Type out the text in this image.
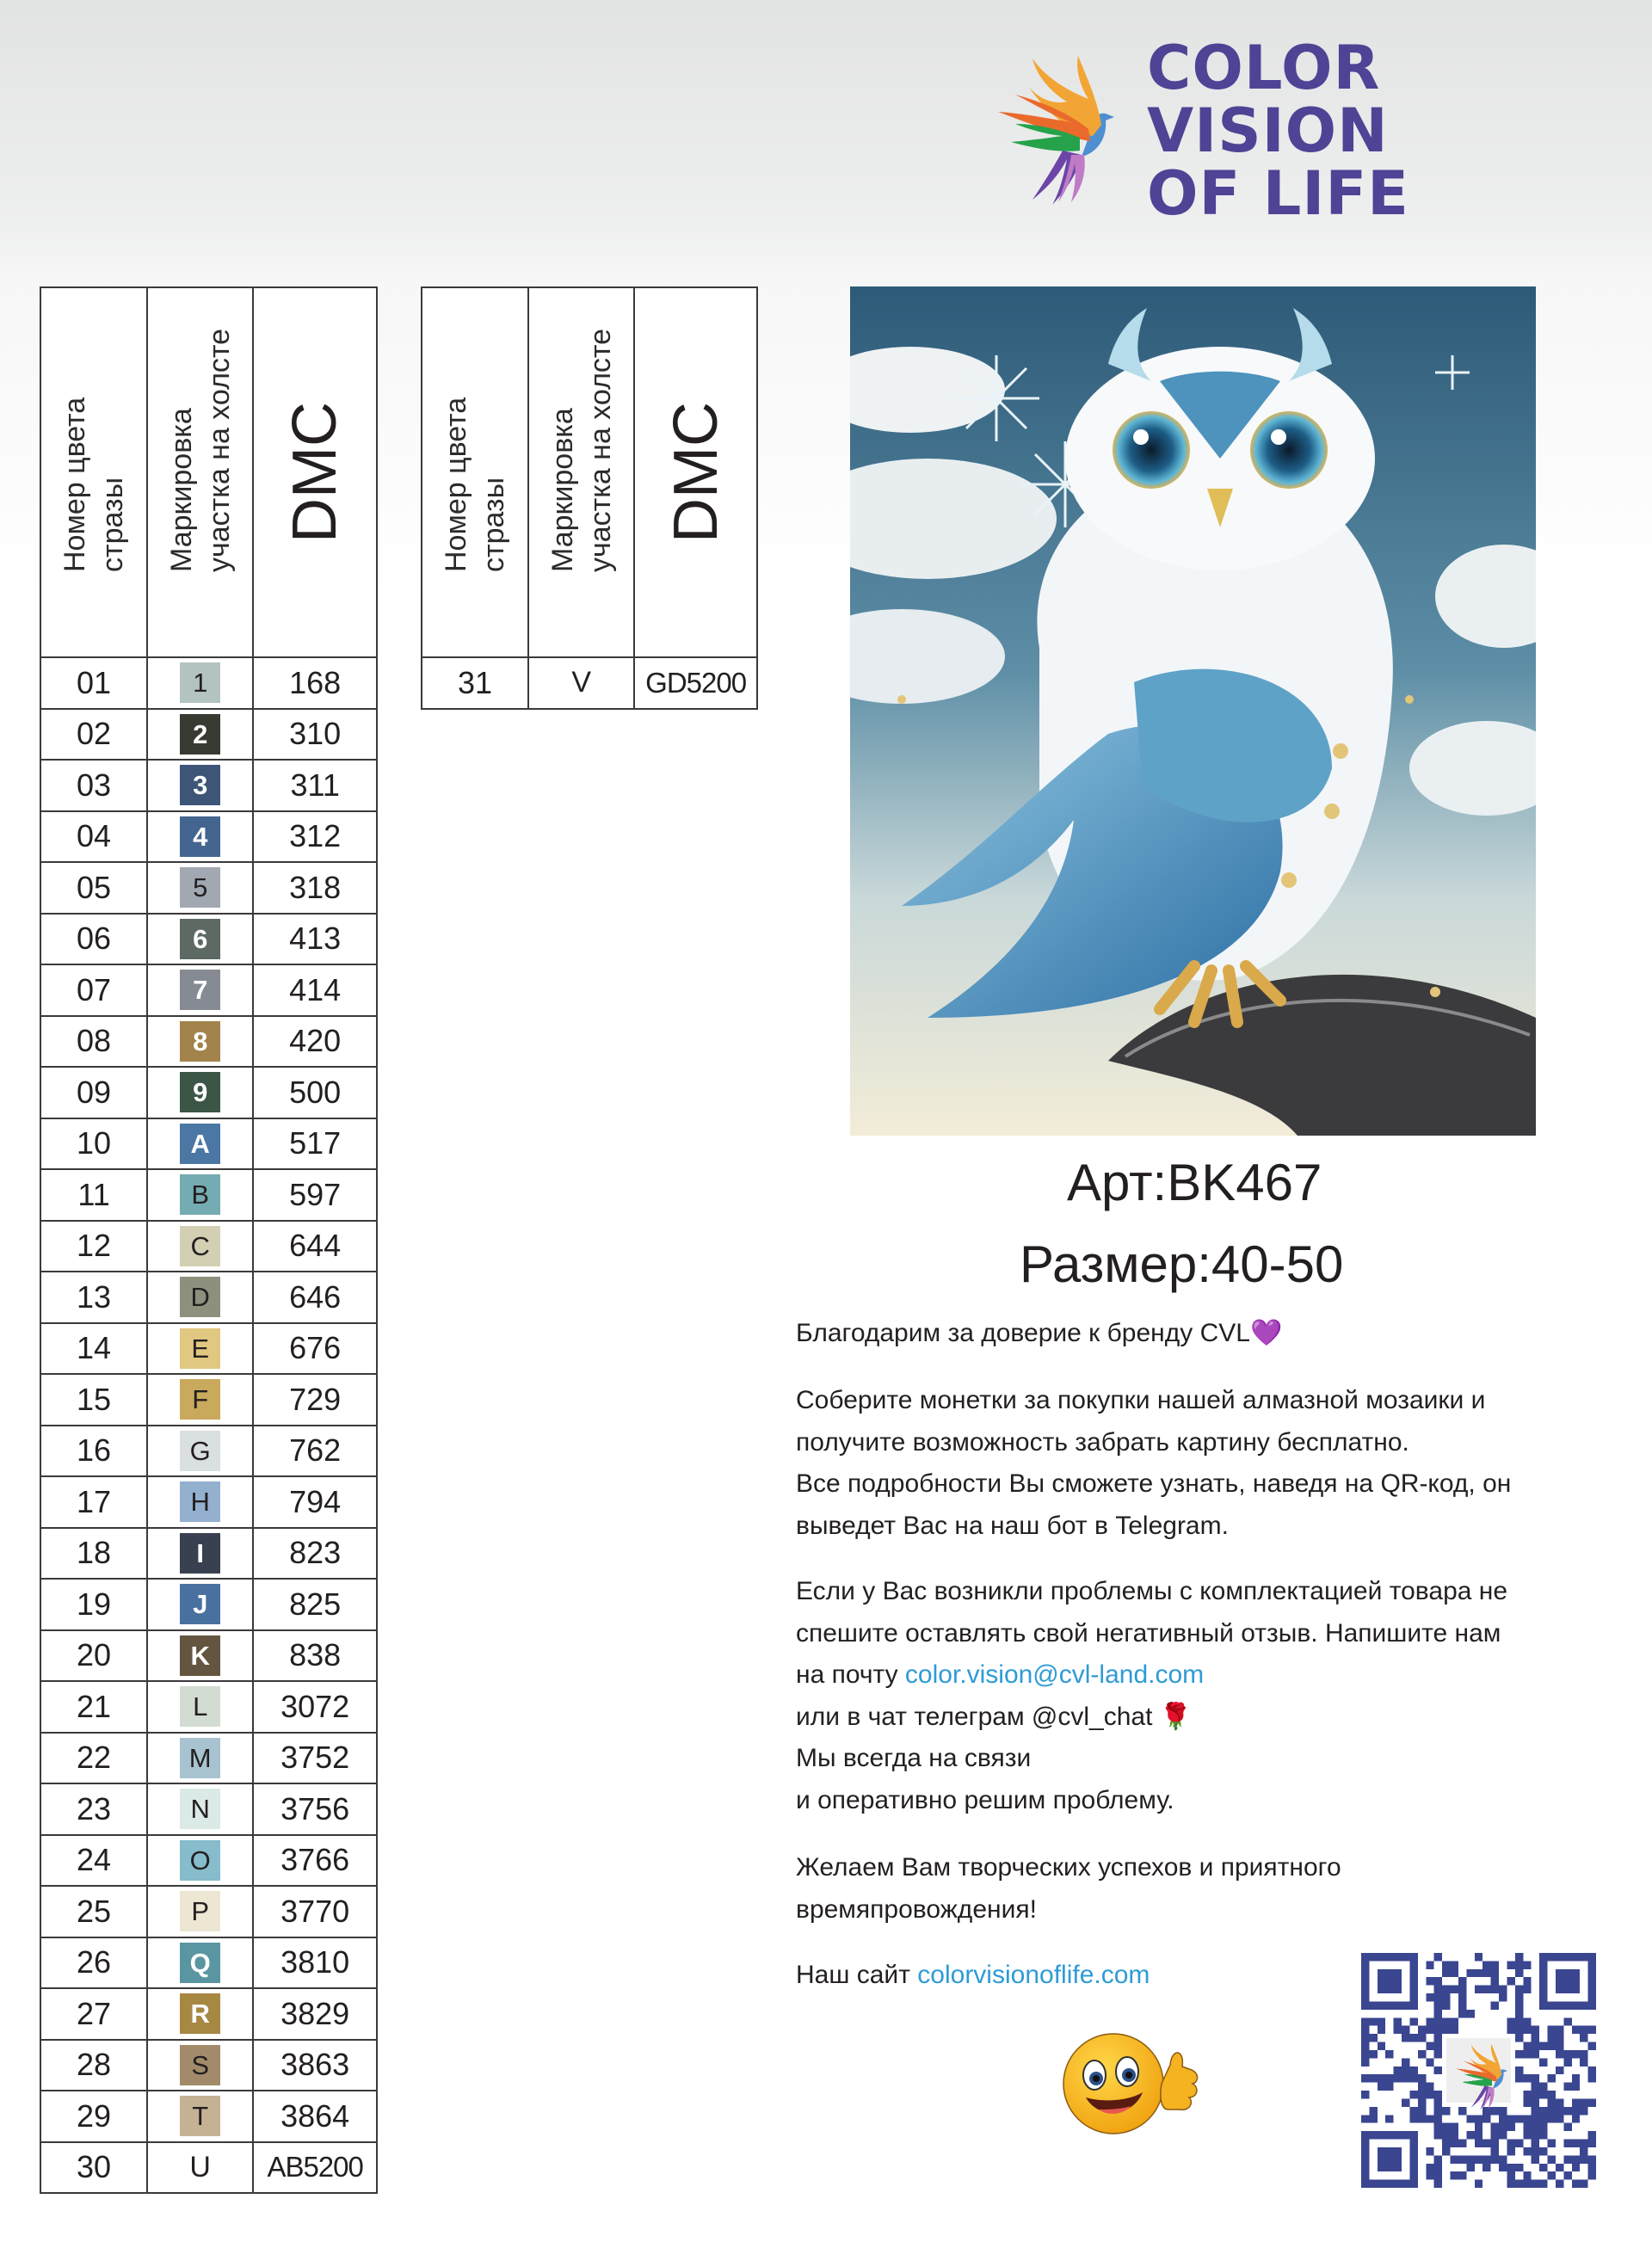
COLOR
VISION
OF LIFE
Номер цвета стразы	Маркировка участка на холсте	DMC

01	1	168
02	2	310
03	3	311
04	4	312
05	5	318
06	6	413
07	7	414
08	8	420
09	9	500
10	A	517
11	B	597
12	C	644
13	D	646
14	E	676
15	F	729
16	G	762
17	H	794
18	I	823
19	J	825
20	K	838
21	L	3072
22	M	3752
23	N	3756
24	O	3766
25	P	3770
26	Q	3810
27	R	3829
28	S	3863
29	T	3864
30	U	AB5200
Номер цвета стразы	Маркировка участка на холсте	DMC

31	V	GD5200
Арт:BK467
Размер:40-50
Благодарим за доверие к бренду CVL💜

Соберите монетки за покупки нашей алмазной мозаики и

получите возможность забрать картину бесплатно.

Все подробности Вы сможете узнать, наведя на QR-код, он

выведет Вас на наш бот в Telegram.

Если у Вас возникли проблемы с комплектацией товара не

спешите оставлять свой негативный отзыв. Напишите нам

на почту color.vision@cvl-land.com

или в чат телеграм @cvl_chat 🌹

Мы всегда на связи

и оперативно решим проблему.

Желаем Вам творческих успехов и приятного

времяпровождения!

Наш сайт colorvisionoflife.com
